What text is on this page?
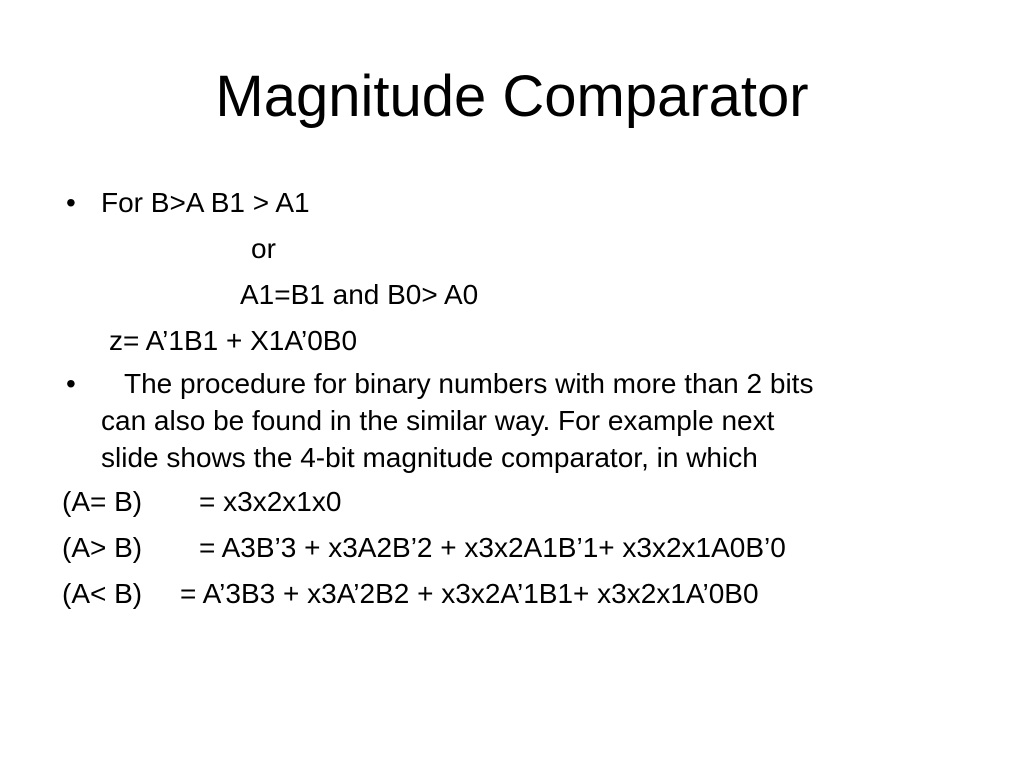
Magnitude Comparator
• For B>A B1 > A1
or
A1=B1 and B0> A0
z= A’1B1 + X1A’0B0
• The procedure for binary numbers with more than 2 bits
can also be found in the similar way. For example next
slide shows the 4-bit magnitude comparator, in which
(A= B) = x3x2x1x0
(A> B) = A3B’3 + x3A2B’2 + x3x2A1B’1+ x3x2x1A0B’0
(A< B) = A’3B3 + x3A’2B2 + x3x2A’1B1+ x3x2x1A’0B0
